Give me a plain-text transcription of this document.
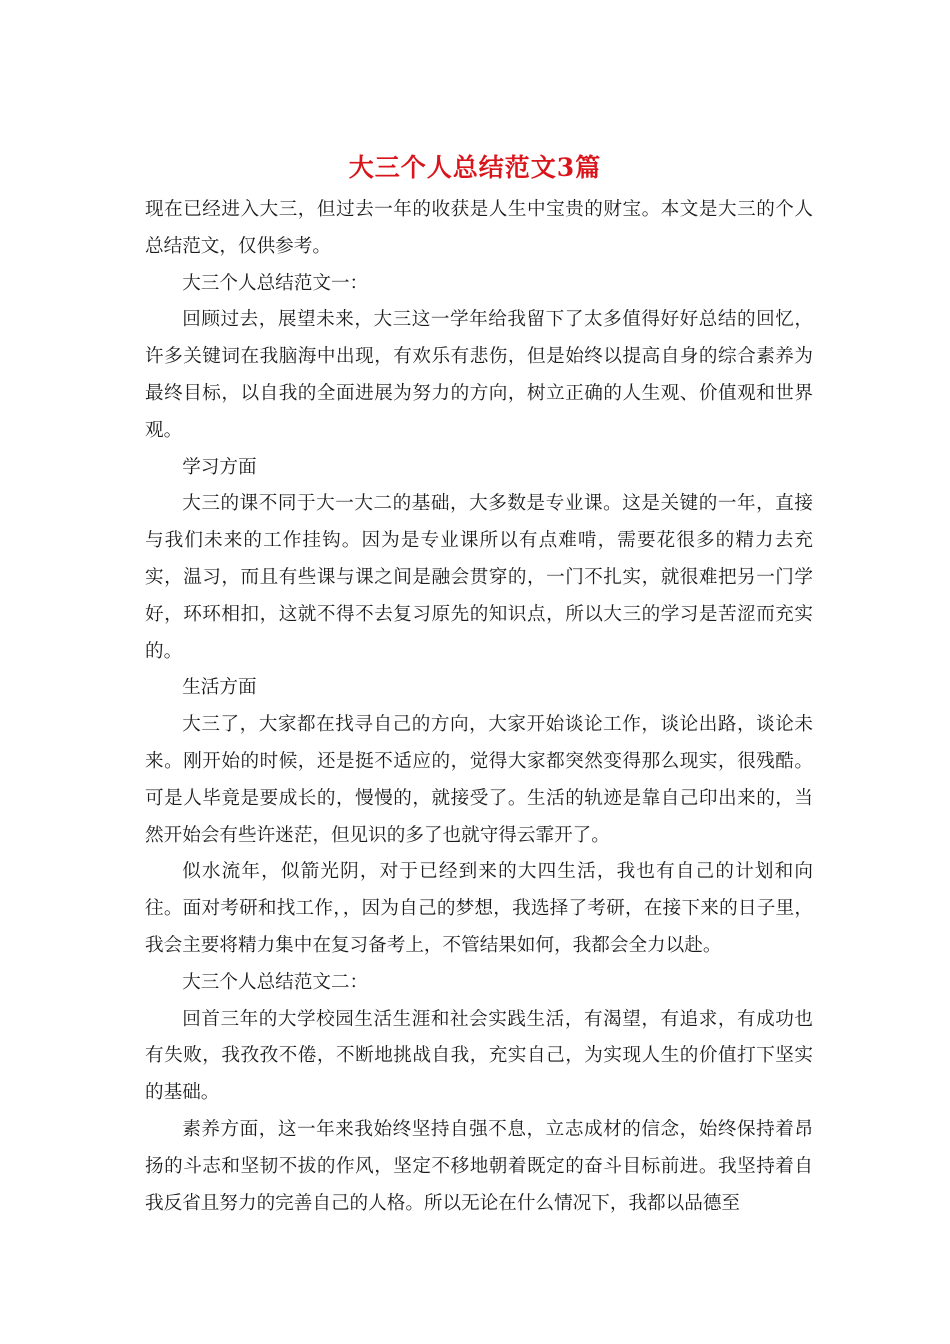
大三个人总结范文3篇

现在已经进入大三，但过去一年的收获是人生中宝贵的财宝。本文是大三的个人总结范文，仅供参考。

大三个人总结范文一：

回顾过去，展望未来，大三这一学年给我留下了太多值得好好总结的回忆，许多关键词在我脑海中出现，有欢乐有悲伤，但是始终以提高自身的综合素养为最终目标，以自我的全面进展为努力的方向，树立正确的人生观、价值观和世界观。

学习方面

大三的课不同于大一大二的基础，大多数是专业课。这是关键的一年，直接与我们未来的工作挂钩。因为是专业课所以有点难啃，需要花很多的精力去充实，温习，而且有些课与课之间是融会贯穿的，一门不扎实，就很难把另一门学好，环环相扣，这就不得不去复习原先的知识点，所以大三的学习是苦涩而充实的。

生活方面

大三了，大家都在找寻自己的方向，大家开始谈论工作，谈论出路，谈论未来。刚开始的时候，还是挺不适应的，觉得大家都突然变得那么现实，很残酷。可是人毕竟是要成长的，慢慢的，就接受了。生活的轨迹是靠自己印出来的，当然开始会有些许迷茫，但见识的多了也就守得云霏开了。

似水流年，似箭光阴，对于已经到来的大四生活，我也有自己的计划和向往。面对考研和找工作，，因为自己的梦想，我选择了考研，在接下来的日子里，我会主要将精力集中在复习备考上，不管结果如何，我都会全力以赴。

大三个人总结范文二：

回首三年的大学校园生活生涯和社会实践生活，有渴望，有追求，有成功也有失败，我孜孜不倦，不断地挑战自我，充实自己，为实现人生的价值打下坚实的基础。

素养方面，这一年来我始终坚持自强不息，立志成材的信念，始终保持着昂扬的斗志和坚韧不拔的作风，坚定不移地朝着既定的奋斗目标前进。我坚持着自我反省且努力的完善自己的人格。所以无论在什么情况下，我都以品德至
